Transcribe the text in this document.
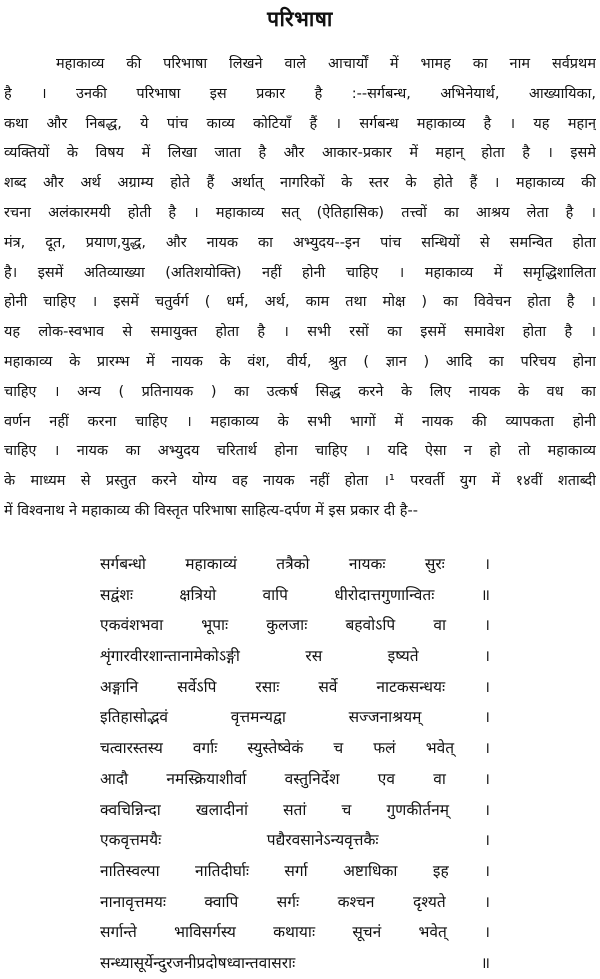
परिभाषा
महाकाव्य की परिभाषा लिखने वाले आचार्यों में भामह का नाम सर्वप्रथम
है । उनकी परिभाषा इस प्रकार है :--सर्गबन्ध, अभिनेयार्थ, आख्यायिका,
कथा और निबद्ध, ये पांच काव्य कोटियाँ हैं । सर्गबन्ध महाकाव्य है । यह महान्
व्यक्तियों के विषय में लिखा जाता है और आकार-प्रकार में महान् होता है । इसमे
शब्द और अर्थ अग्राम्य होते हैं अर्थात् नागरिकों के स्तर के होते हैं । महाकाव्य की
रचना अलंकारमयी होती है । महाकाव्य सत् (ऐतिहासिक) तत्त्वों का आश्रय लेता है ।
मंत्र, दूत, प्रयाण,युद्ध, और नायक का अभ्युदय--इन पांच सन्धियों से समन्वित होता
है। इसमें अतिव्याख्या (अतिशयोक्ति) नहीं होनी चाहिए । महाकाव्य में समृद्धिशालिता
होनी चाहिए । इसमें चतुर्वर्ग ( धर्म, अर्थ, काम तथा मोक्ष ) का विवेचन होता है ।
यह लोक-स्वभाव से समायुक्त होता है । सभी रसों का इसमें समावेश होता है ।
महाकाव्य के प्रारम्भ में नायक के वंश, वीर्य, श्रुत ( ज्ञान ) आदि का परिचय होना
चाहिए । अन्य ( प्रतिनायक ) का उत्कर्ष सिद्ध करने के लिए नायक के वध का
वर्णन नहीं करना चाहिए । महाकाव्य के सभी भागों में नायक की व्यापकता होनी
चाहिए । नायक का अभ्युदय चरितार्थ होना चाहिए । यदि ऐसा न हो तो महाकाव्य
के माध्यम से प्रस्तुत करने योग्य वह नायक नहीं होता ।¹ परवर्ती युग में १४वीं शताब्दी
में विश्वनाथ ने महाकाव्य की विस्तृत परिभाषा साहित्य-दर्पण में इस प्रकार दी है--
सर्गबन्धो महाकाव्यं तत्रैको नायकः सुरः ।
सद्वंशः क्षत्रियो वापि धीरोदात्तगुणान्वितः ॥
एकवंशभवा भूपाः कुलजाः बहवोऽपि वा ।
शृंगारवीरशान्तानामेकोऽङ्गी रस इष्यते ।
अङ्गानि सर्वेऽपि रसाः सर्वे नाटकसन्धयः ।
इतिहासोद्भवं वृत्तमन्यद्वा सज्जनाश्रयम् ।
चत्वारस्तस्य वर्गाः स्युस्तेष्वेकं च फलं भवेत् ।
आदौ नमस्क्रियाशीर्वा वस्तुनिर्देश एव वा ।
क्वचिन्निन्दा खलादीनां सतां च गुणकीर्तनम् ।
एकवृत्तमयैः पद्यैरवसानेऽन्यवृत्तकैः ।
नातिस्वल्पा नातिदीर्घाः सर्गा अष्टाधिका इह ।
नानावृत्तमयः क्वापि सर्गः कश्चन दृश्यते ।
सर्गान्ते भाविसर्गस्य कथायाः सूचनं भवेत् ।
सन्ध्यासूर्येन्दुरजनीप्रदोषध्वान्तवासराः ॥
